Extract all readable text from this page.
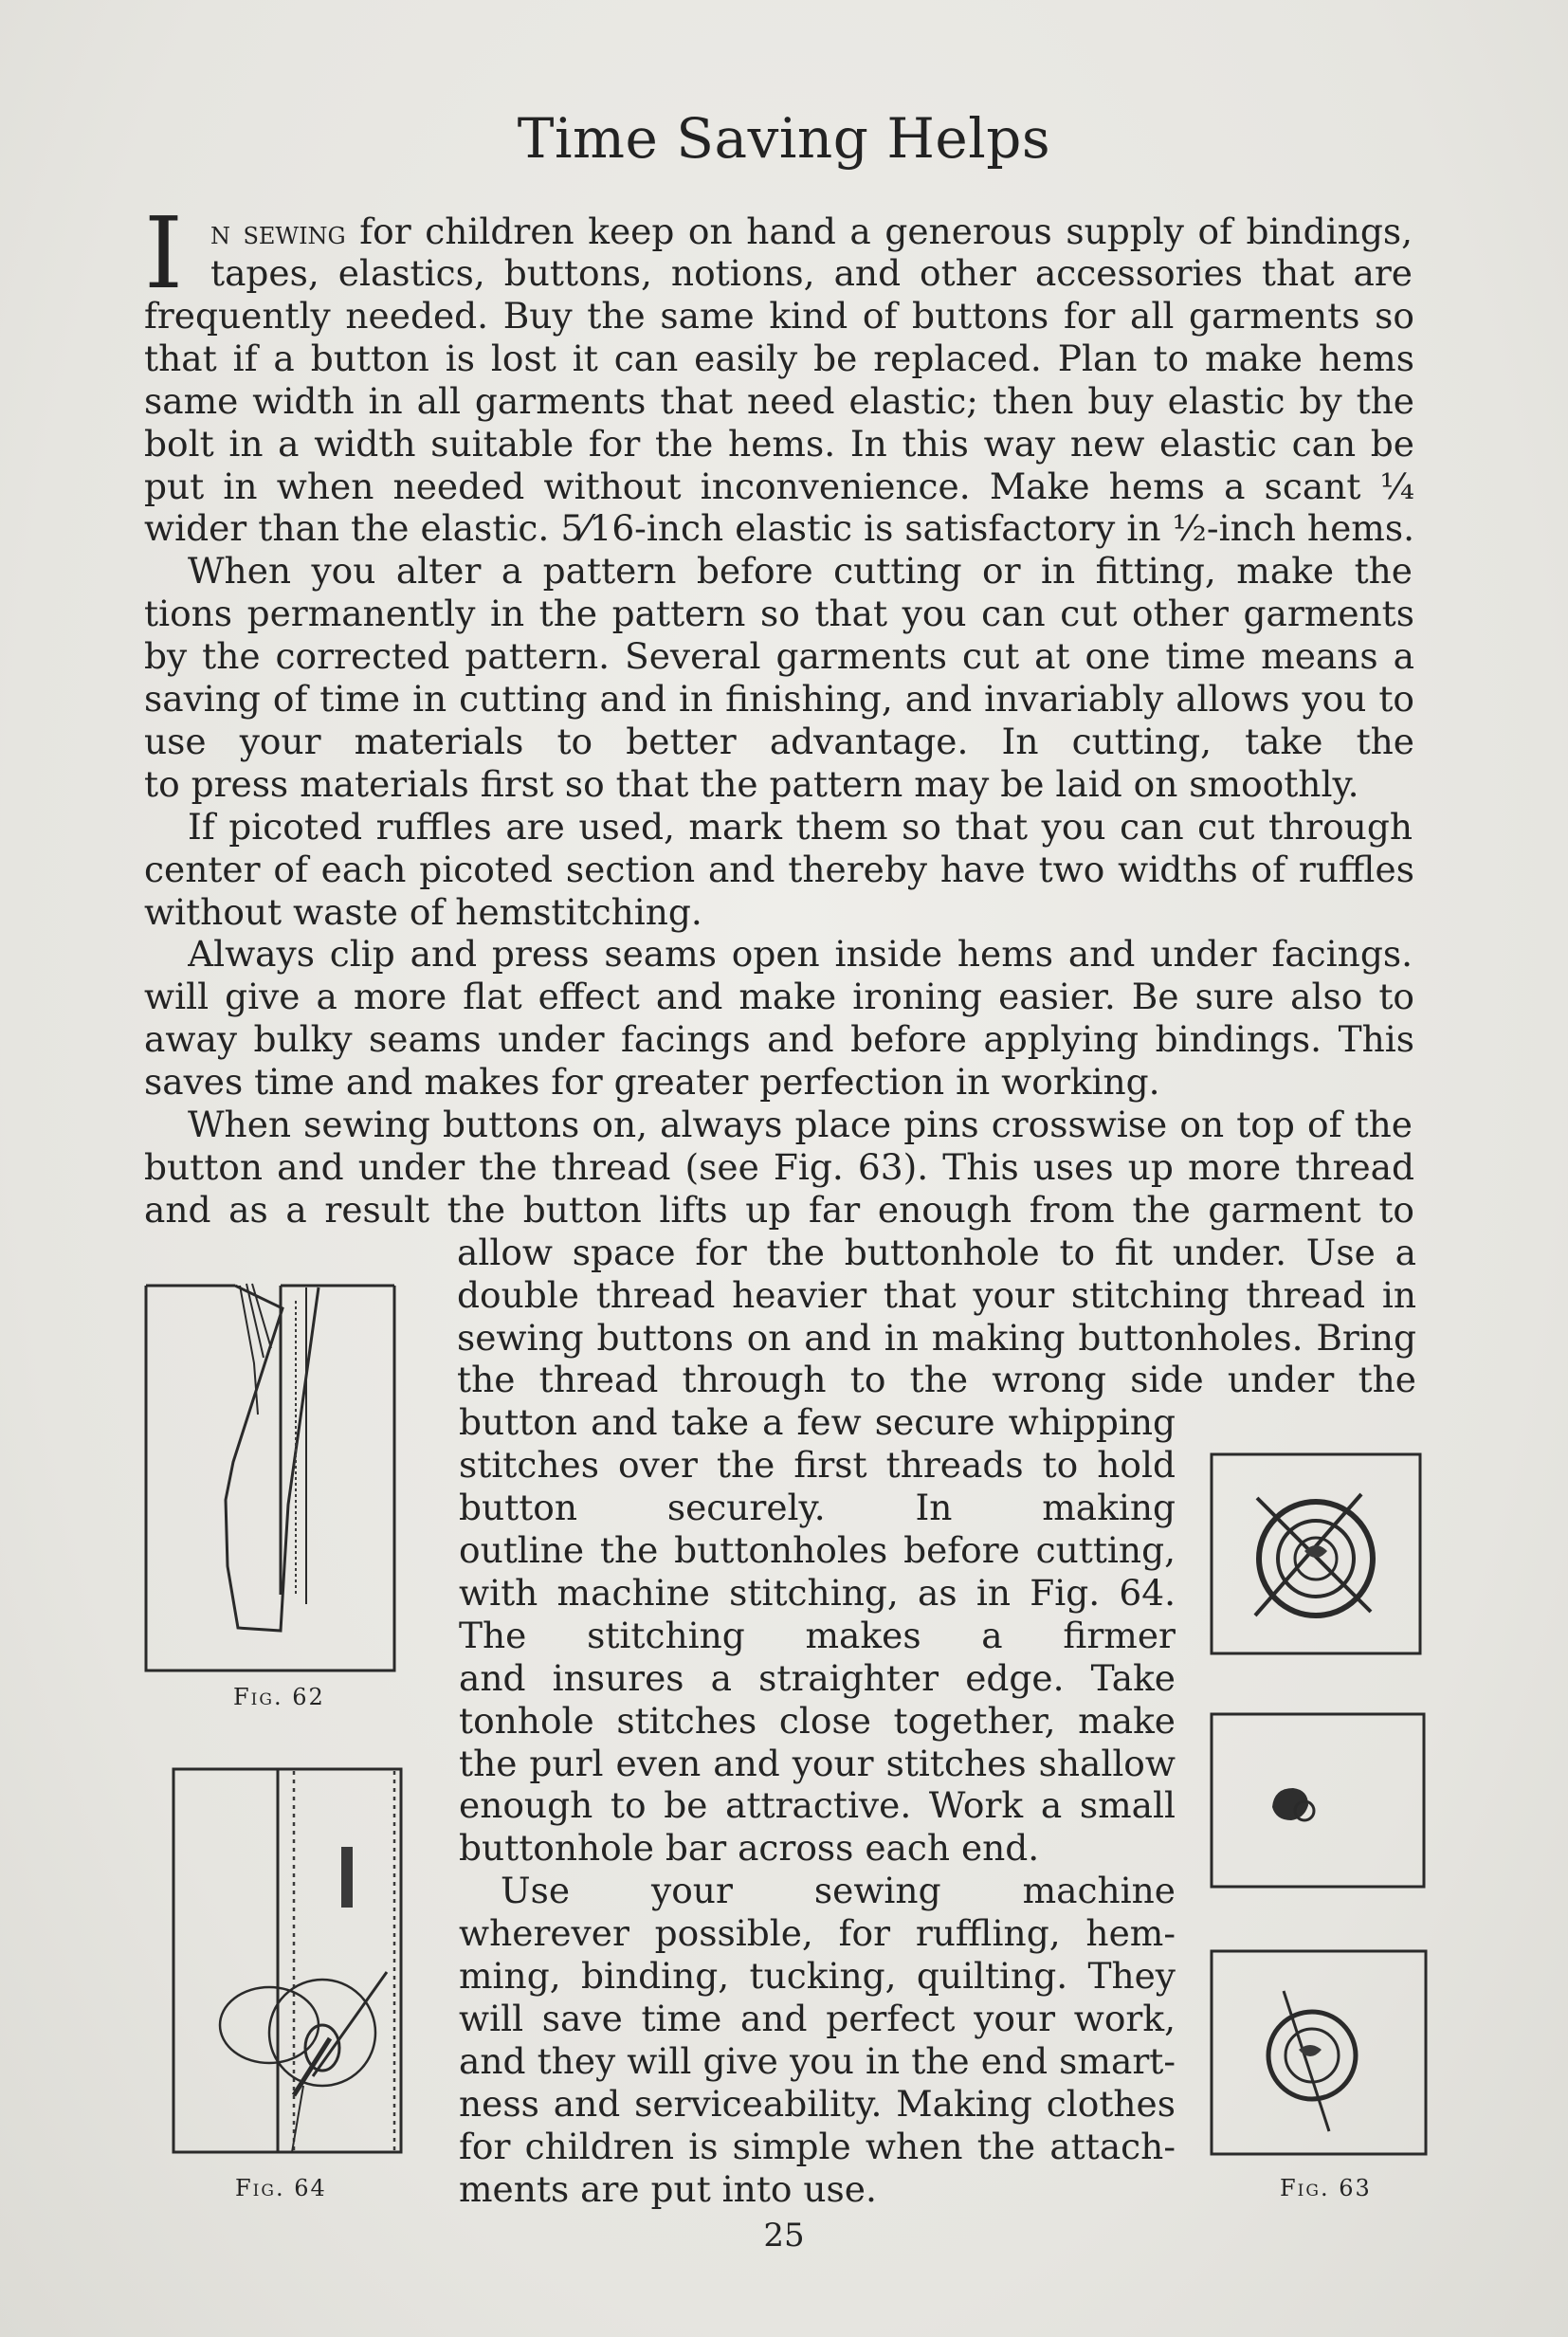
Time Saving Helps
I n sewing for children keep on hand a generous supply of bindings,
tapes, elastics, buttons, notions, and other accessories that are
frequently needed. Buy the same kind of buttons for all garments so
that if a button is lost it can easily be replaced. Plan to make hems
same width in all garments that need elastic; then buy elastic by the
bolt in a width suitable for the hems. In this way new elastic can be
put in when needed without inconvenience. Make hems a scant ¼
wider than the elastic. 5⁄16-inch elastic is satisfactory in ½-inch hems.
When you alter a pattern before cutting or in fitting, make the
tions permanently in the pattern so that you can cut other garments
by the corrected pattern. Several garments cut at one time means a
saving of time in cutting and in finishing, and invariably allows you to
use your materials to better advantage. In cutting, take the
to press materials first so that the pattern may be laid on smoothly.
If picoted ruffles are used, mark them so that you can cut through
center of each picoted section and thereby have two widths of ruffles
without waste of hemstitching.
Always clip and press seams open inside hems and under facings.
will give a more flat effect and make ironing easier. Be sure also to
away bulky seams under facings and before applying bindings. This
saves time and makes for greater perfection in working.
When sewing buttons on, always place pins crosswise on top of the
button and under the thread (see Fig. 63). This uses up more thread
and as a result the button lifts up far enough from the garment to
allow space for the buttonhole to fit under. Use a
double thread heavier that your stitching thread in
sewing buttons on and in making buttonholes. Bring
the thread through to the wrong side under the
button and take a few secure whipping
stitches over the first threads to hold
button securely. In making
outline the buttonholes before cutting,
with machine stitching, as in Fig. 64.
The stitching makes a firmer
and insures a straighter edge. Take
tonhole stitches close together, make
the purl even and your stitches shallow
enough to be attractive. Work a small
buttonhole bar across each end.
Use your sewing machine
wherever possible, for ruffling, hem-
ming, binding, tucking, quilting. They
will save time and perfect your work,
and they will give you in the end smart-
ness and serviceability. Making clothes
for children is simple when the attach-
ments are put into use.
Fig. 62
Fig. 64	Fig. 63
25
